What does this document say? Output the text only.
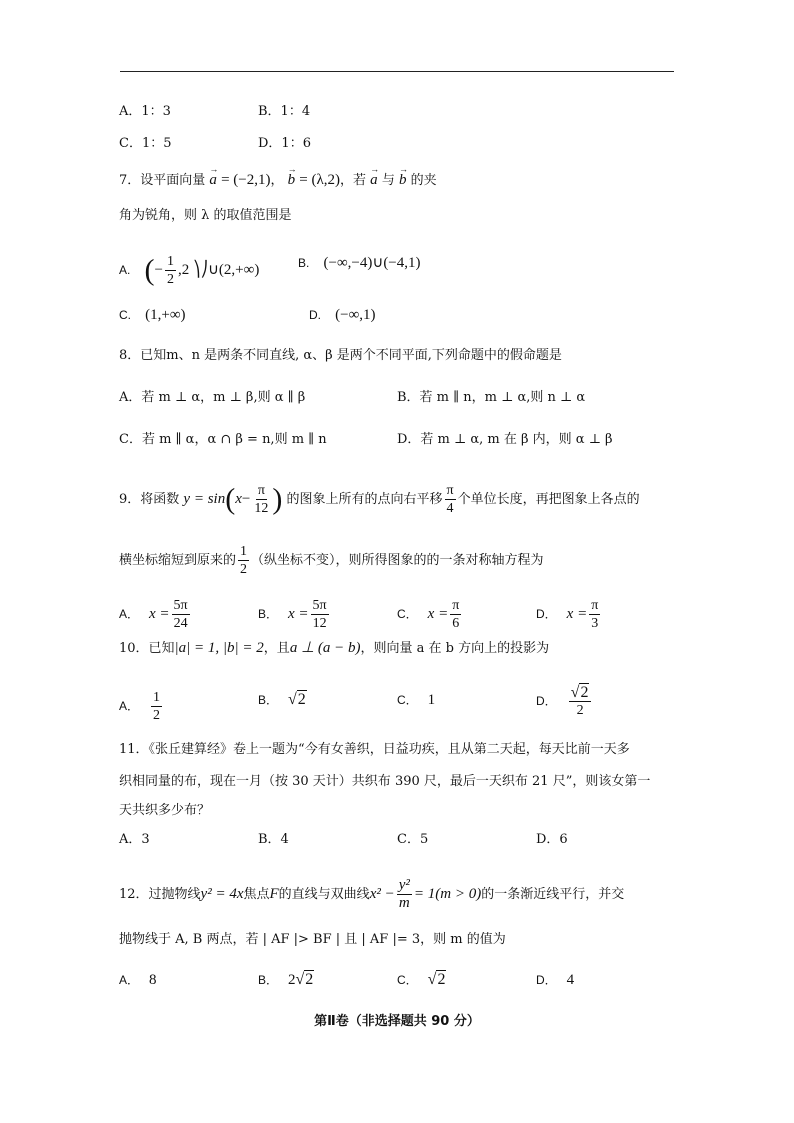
A．1：3	B．1：4
C．1：5	D．1：6
7．设平面向量 → a = (−2,1)， → b = (λ,2)，若 → a 与 → b 的夹
角为锐角，则 λ 的取值范围是
A. (− $\frac{1}{2} ,2$ ⎞⎠∪(2,+∞)	B. (−∞,−4)∪(−4,1)
C. (1,+∞)	D. (−∞,1)
8．已知m、n 是两条不同直线, α、β 是两个不同平面,下列命题中的假命题是
A．若 m ⊥ α，m ⊥ β,则 α ∥ β	B．若 m ∥ n，m ⊥ α,则 n ⊥ α
C．若 m ∥ α，α ∩ β = n,则 m ∥ n	D．若 m ⊥ α, m 在 β 内，则 α ⊥ β
9．将函数 $y = \sin(x- \frac{\pi}{12}$ ) 的图象上所有的点向右平移 $\frac{\pi}{4}$ 个单位长度，再把图象上各点的
横坐标缩短到原来的 $\frac{1}{2}$ （纵坐标不变），则所得图象的的一条对称轴方程为
A． $x = \frac{5\pi}{24}$	B． $x = \frac{5\pi}{12}$	C． $x = \frac{\pi}{6}$	D． $x = \frac{\pi}{3}$
10．已知|a| = 1, |b| = 2，且a ⊥ (a − b)，则向量 a 在 b 方向上的投影为
A． $\frac{1}{2}$	B． √2	C． 1	D． $\frac{√2}{2}$
11．《张丘建算经》卷上一题为“今有女善织，日益功疾，且从第二天起，每天比前一天多
织相同量的布，现在一月（按 30 天计）共织布 390 尺，最后一天织布 21 尺”，则该女第一
天共织多少布？
A．3	B．4	C．5	D．6
12．过抛物线y² = 4x焦点F的直线与双曲线$x^2 - \frac{\text{y²}}{m} = 1(m > 0)$的一条渐近线平行，并交
抛物线于 A, B 两点，若 | AF |> BF | 且 | AF |= 3，则 m 的值为
A． 8	B． 2√2	C． √2	D． 4
第Ⅱ卷（非选择题共 90 分）
